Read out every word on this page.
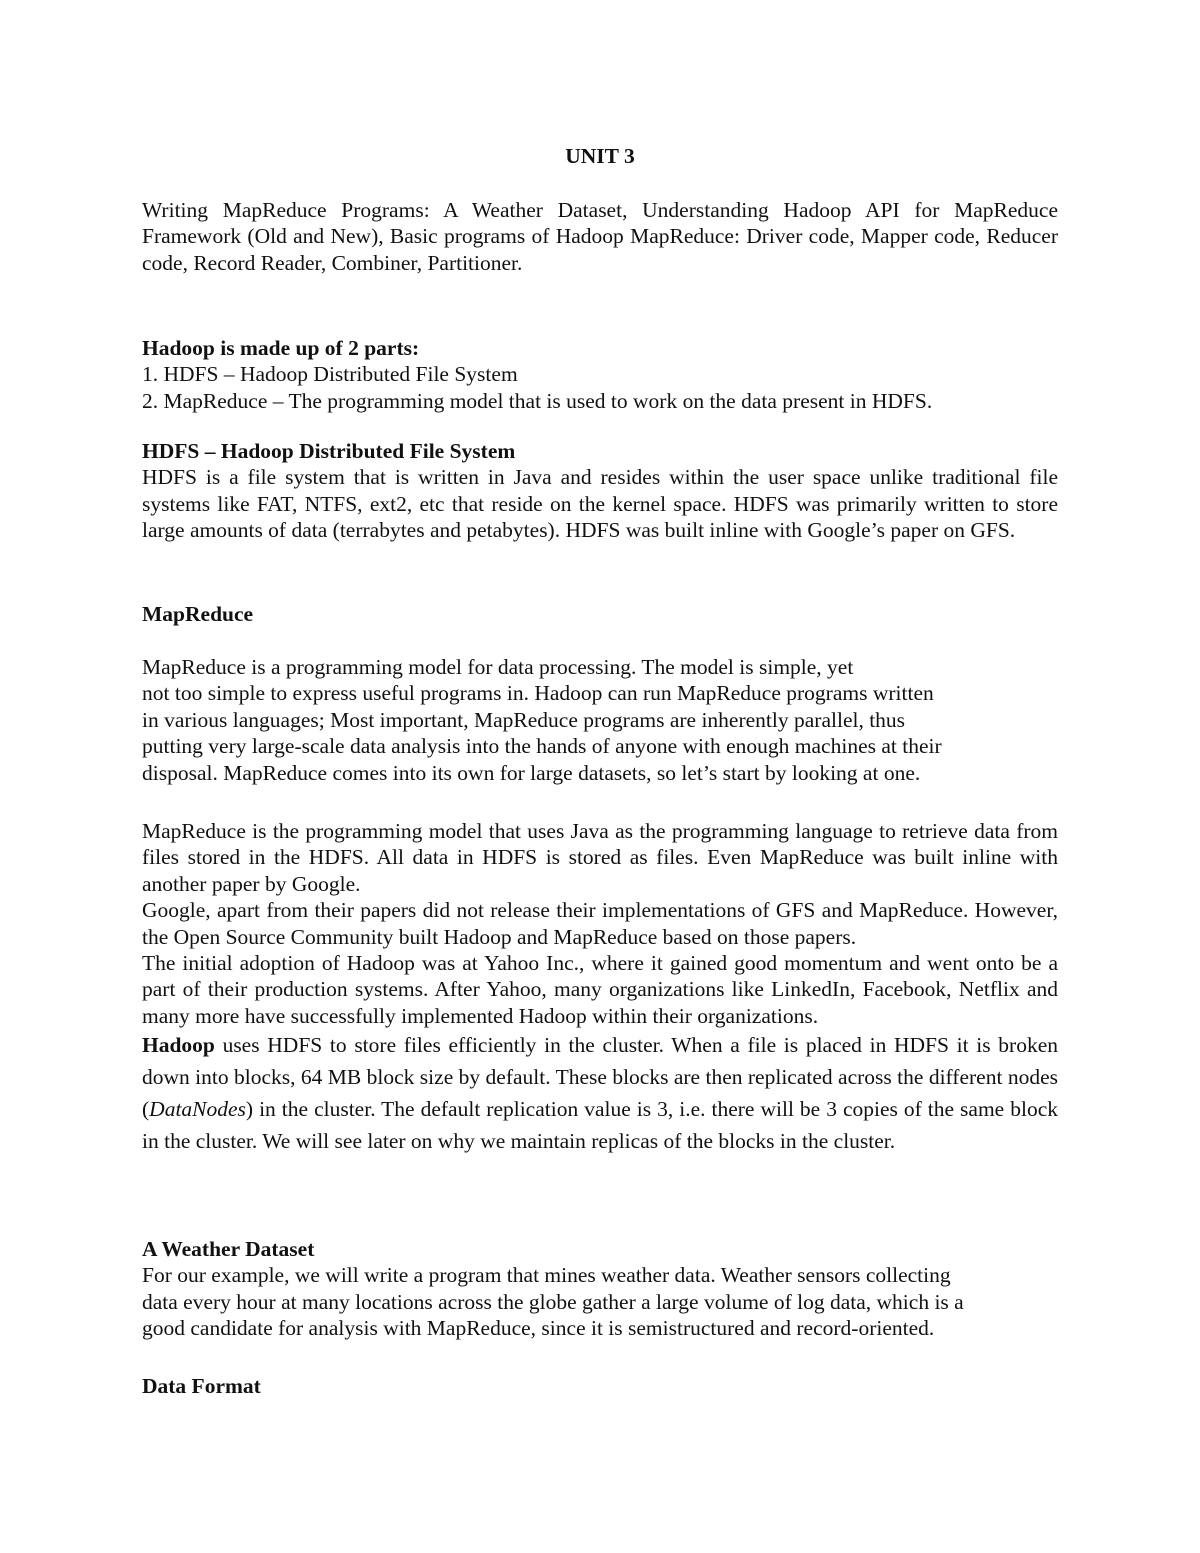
UNIT 3

Writing MapReduce Programs: A Weather Dataset, Understanding Hadoop API for MapReduce Framework (Old and New), Basic programs of Hadoop MapReduce: Driver code, Mapper code, Reducer code, Record Reader, Combiner, Partitioner.

Hadoop is made up of 2 parts:
1. HDFS – Hadoop Distributed File System
2. MapReduce – The programming model that is used to work on the data present in HDFS.
HDFS – Hadoop Distributed File System

HDFS is a file system that is written in Java and resides within the user space unlike traditional file systems like FAT, NTFS, ext2, etc that reside on the kernel space. HDFS was primarily written to store large amounts of data (terrabytes and petabytes). HDFS was built inline with Google’s paper on GFS.

MapReduce
MapReduce is a programming model for data processing. The model is simple, yet
not too simple to express useful programs in. Hadoop can run MapReduce programs written
in various languages; Most important, MapReduce programs are inherently parallel, thus
putting very large-scale data analysis into the hands of anyone with enough machines at their
disposal. MapReduce comes into its own for large datasets, so let’s start by looking at one.

MapReduce is the programming model that uses Java as the programming language to retrieve data from files stored in the HDFS. All data in HDFS is stored as files. Even MapReduce was built inline with another paper by Google.

Google, apart from their papers did not release their implementations of GFS and MapReduce. However, the Open Source Community built Hadoop and MapReduce based on those papers.

The initial adoption of Hadoop was at Yahoo Inc., where it gained good momentum and went onto be a part of their production systems. After Yahoo, many organizations like LinkedIn, Facebook, Netflix and many more have successfully implemented Hadoop within their organizations.

Hadoop uses HDFS to store files efficiently in the cluster. When a file is placed in HDFS it is broken down into blocks, 64 MB block size by default. These blocks are then replicated across the different nodes (DataNodes) in the cluster. The default replication value is 3, i.e. there will be 3 copies of the same block in the cluster. We will see later on why we maintain replicas of the blocks in the cluster.

A Weather Dataset
For our example, we will write a program that mines weather data. Weather sensors collecting
data every hour at many locations across the globe gather a large volume of log data, which is a
good candidate for analysis with MapReduce, since it is semistructured and record-oriented.
Data Format
